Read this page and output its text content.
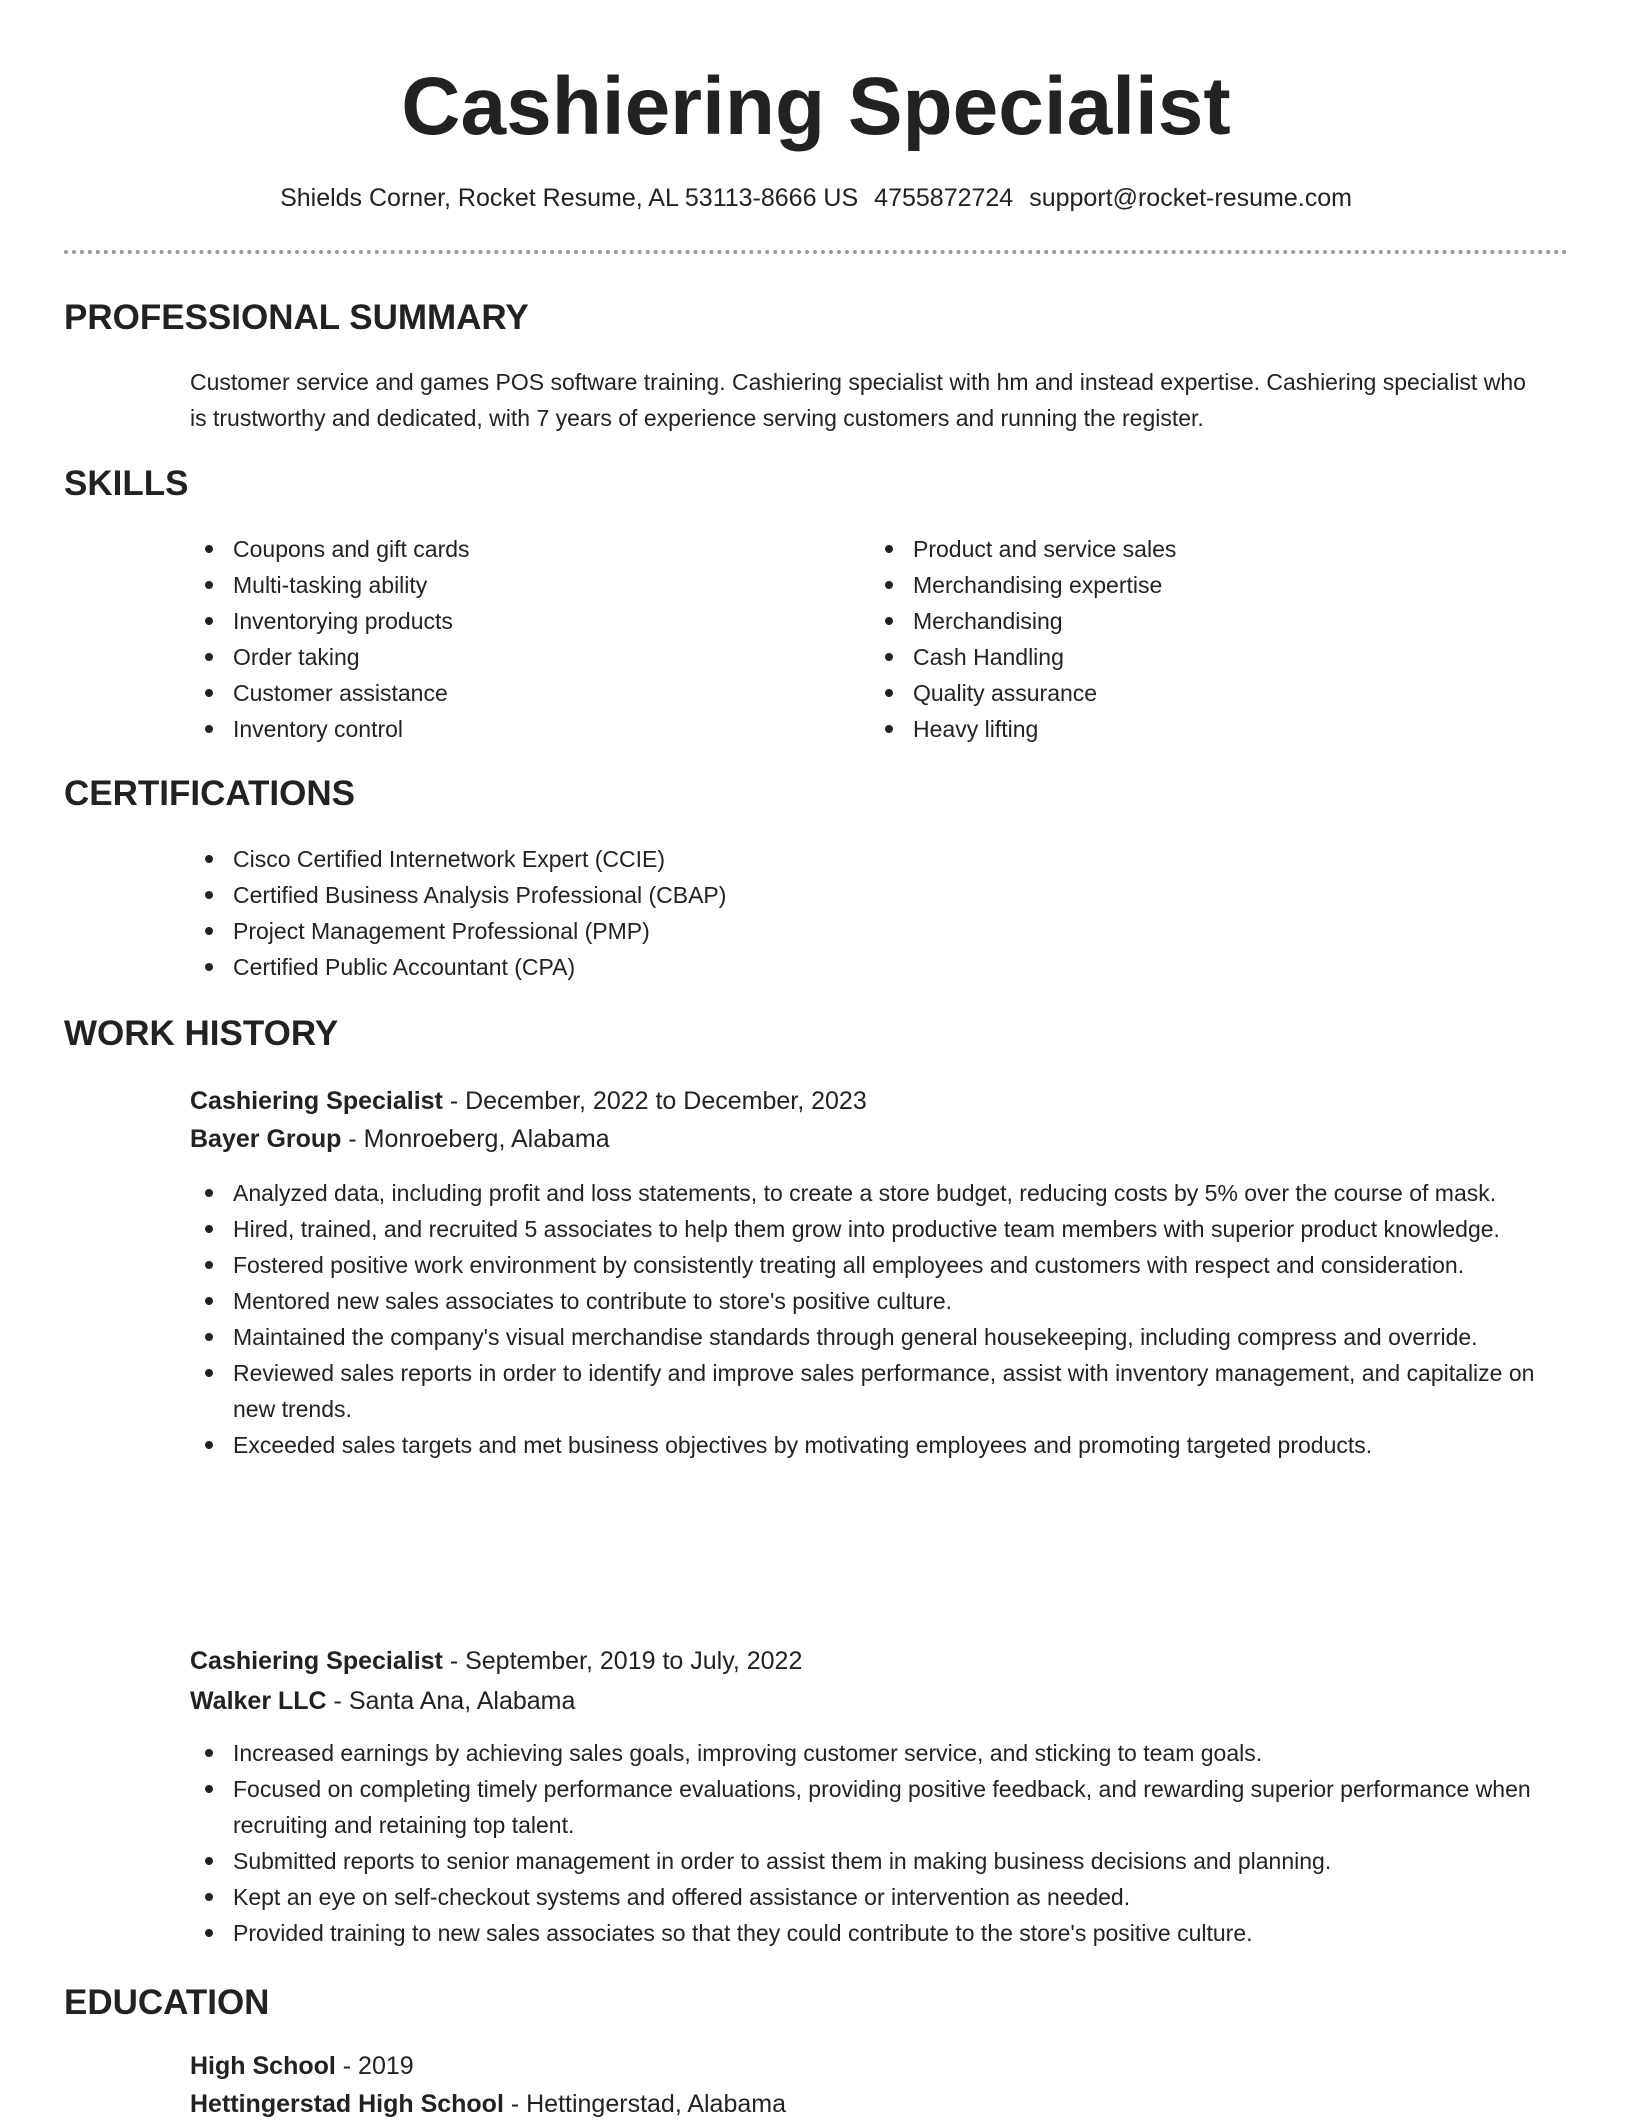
Cashiering Specialist
Shields Corner, Rocket Resume, AL 53113-8666 US 4755872724 support@rocket-resume.com
PROFESSIONAL SUMMARY

Customer service and games POS software training. Cashiering specialist with hm and instead expertise. Cashiering specialist who is trustworthy and dedicated, with 7 years of experience serving customers and running the register.

SKILLS
Coupons and gift cards
Multi-tasking ability
Inventorying products
Order taking
Customer assistance
Inventory control
Product and service sales
Merchandising expertise
Merchandising
Cash Handling
Quality assurance
Heavy lifting
CERTIFICATIONS
Cisco Certified Internetwork Expert (CCIE)
Certified Business Analysis Professional (CBAP)
Project Management Professional (PMP)
Certified Public Accountant (CPA)
WORK HISTORY
Cashiering Specialist - December, 2022 to December, 2023
Bayer Group - Monroeberg, Alabama
Analyzed data, including profit and loss statements, to create a store budget, reducing costs by 5% over the course of mask.
Hired, trained, and recruited 5 associates to help them grow into productive team members with superior product knowledge.
Fostered positive work environment by consistently treating all employees and customers with respect and consideration.
Mentored new sales associates to contribute to store's positive culture.
Maintained the company's visual merchandise standards through general housekeeping, including compress and override.
Reviewed sales reports in order to identify and improve sales performance, assist with inventory management, and capitalize on new trends.
Exceeded sales targets and met business objectives by motivating employees and promoting targeted products.
Cashiering Specialist - September, 2019 to July, 2022
Walker LLC - Santa Ana, Alabama
Increased earnings by achieving sales goals, improving customer service, and sticking to team goals.
Focused on completing timely performance evaluations, providing positive feedback, and rewarding superior performance when recruiting and retaining top talent.
Submitted reports to senior management in order to assist them in making business decisions and planning.
Kept an eye on self-checkout systems and offered assistance or intervention as needed.
Provided training to new sales associates so that they could contribute to the store's positive culture.
EDUCATION
High School - 2019
Hettingerstad High School - Hettingerstad, Alabama
